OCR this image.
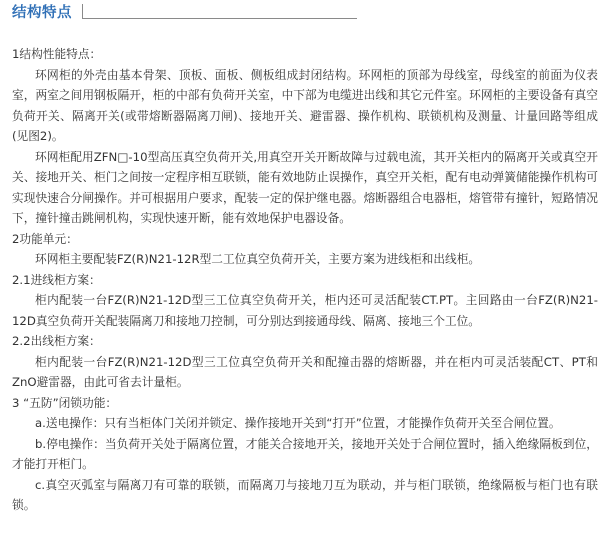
结构特点

1结构性能特点：

环网柜的外壳由基本骨架、顶板、面板、侧板组成封闭结构。环网柜的顶部为母线室，母线室的前面为仪表室，两室之间用钢板隔开，柜的中部有负荷开关室，中下部为电缆进出线和其它元件室。环网柜的主要设备有真空负荷开关、隔离开关(或带熔断器隔离刀闸)、接地开关、避雷器、操作机构、联锁机构及测量、计量回路等组成(见图2)。

环网柜配用ZFN□-10型高压真空负荷开关,用真空开关开断故障与过载电流，其开关柜内的隔离开关或真空开关、接地开关、柜门之间按一定程序相互联锁，能有效地防止误操作，真空开关柜，配有电动弹簧储能操作机构可实现快速合分闸操作。并可根据用户要求，配装一定的保护继电器。熔断器组合电器柜，熔管带有撞针，短路情况下，撞针撞击跳闸机构，实现快速开断，能有效地保护电器设备。

2功能单元：

环网柜主要配装FZ(R)N21-12R型二工位真空负荷开关，主要方案为进线柜和出线柜。

2.1进线柜方案：

柜内配装一台FZ(R)N21-12D型三工位真空负荷开关，柜内还可灵活配装CT.PT。主回路由一台FZ(R)N21-12D真空负荷开关配装隔离刀和接地刀控制，可分别达到接通母线、隔离、接地三个工位。

2.2出线柜方案：

柜内配装一台FZ(R)N21-12D型三工位真空负荷开关和配撞击器的熔断器，并在柜内可灵活装配CT、PT和ZnO避雷器，由此可省去计量柜。

3 “五防”闭锁功能：

a.送电操作：只有当柜体门关闭并锁定、操作接地开关到“打开”位置，才能操作负荷开关至合闸位置。

b.停电操作：当负荷开关处于隔离位置，才能关合接地开关，接地开关处于合闸位置时，插入绝缘隔板到位，才能打开柜门。

c.真空灭弧室与隔离刀有可靠的联锁，而隔离刀与接地刀互为联动，并与柜门联锁，绝缘隔板与柜门也有联锁。
